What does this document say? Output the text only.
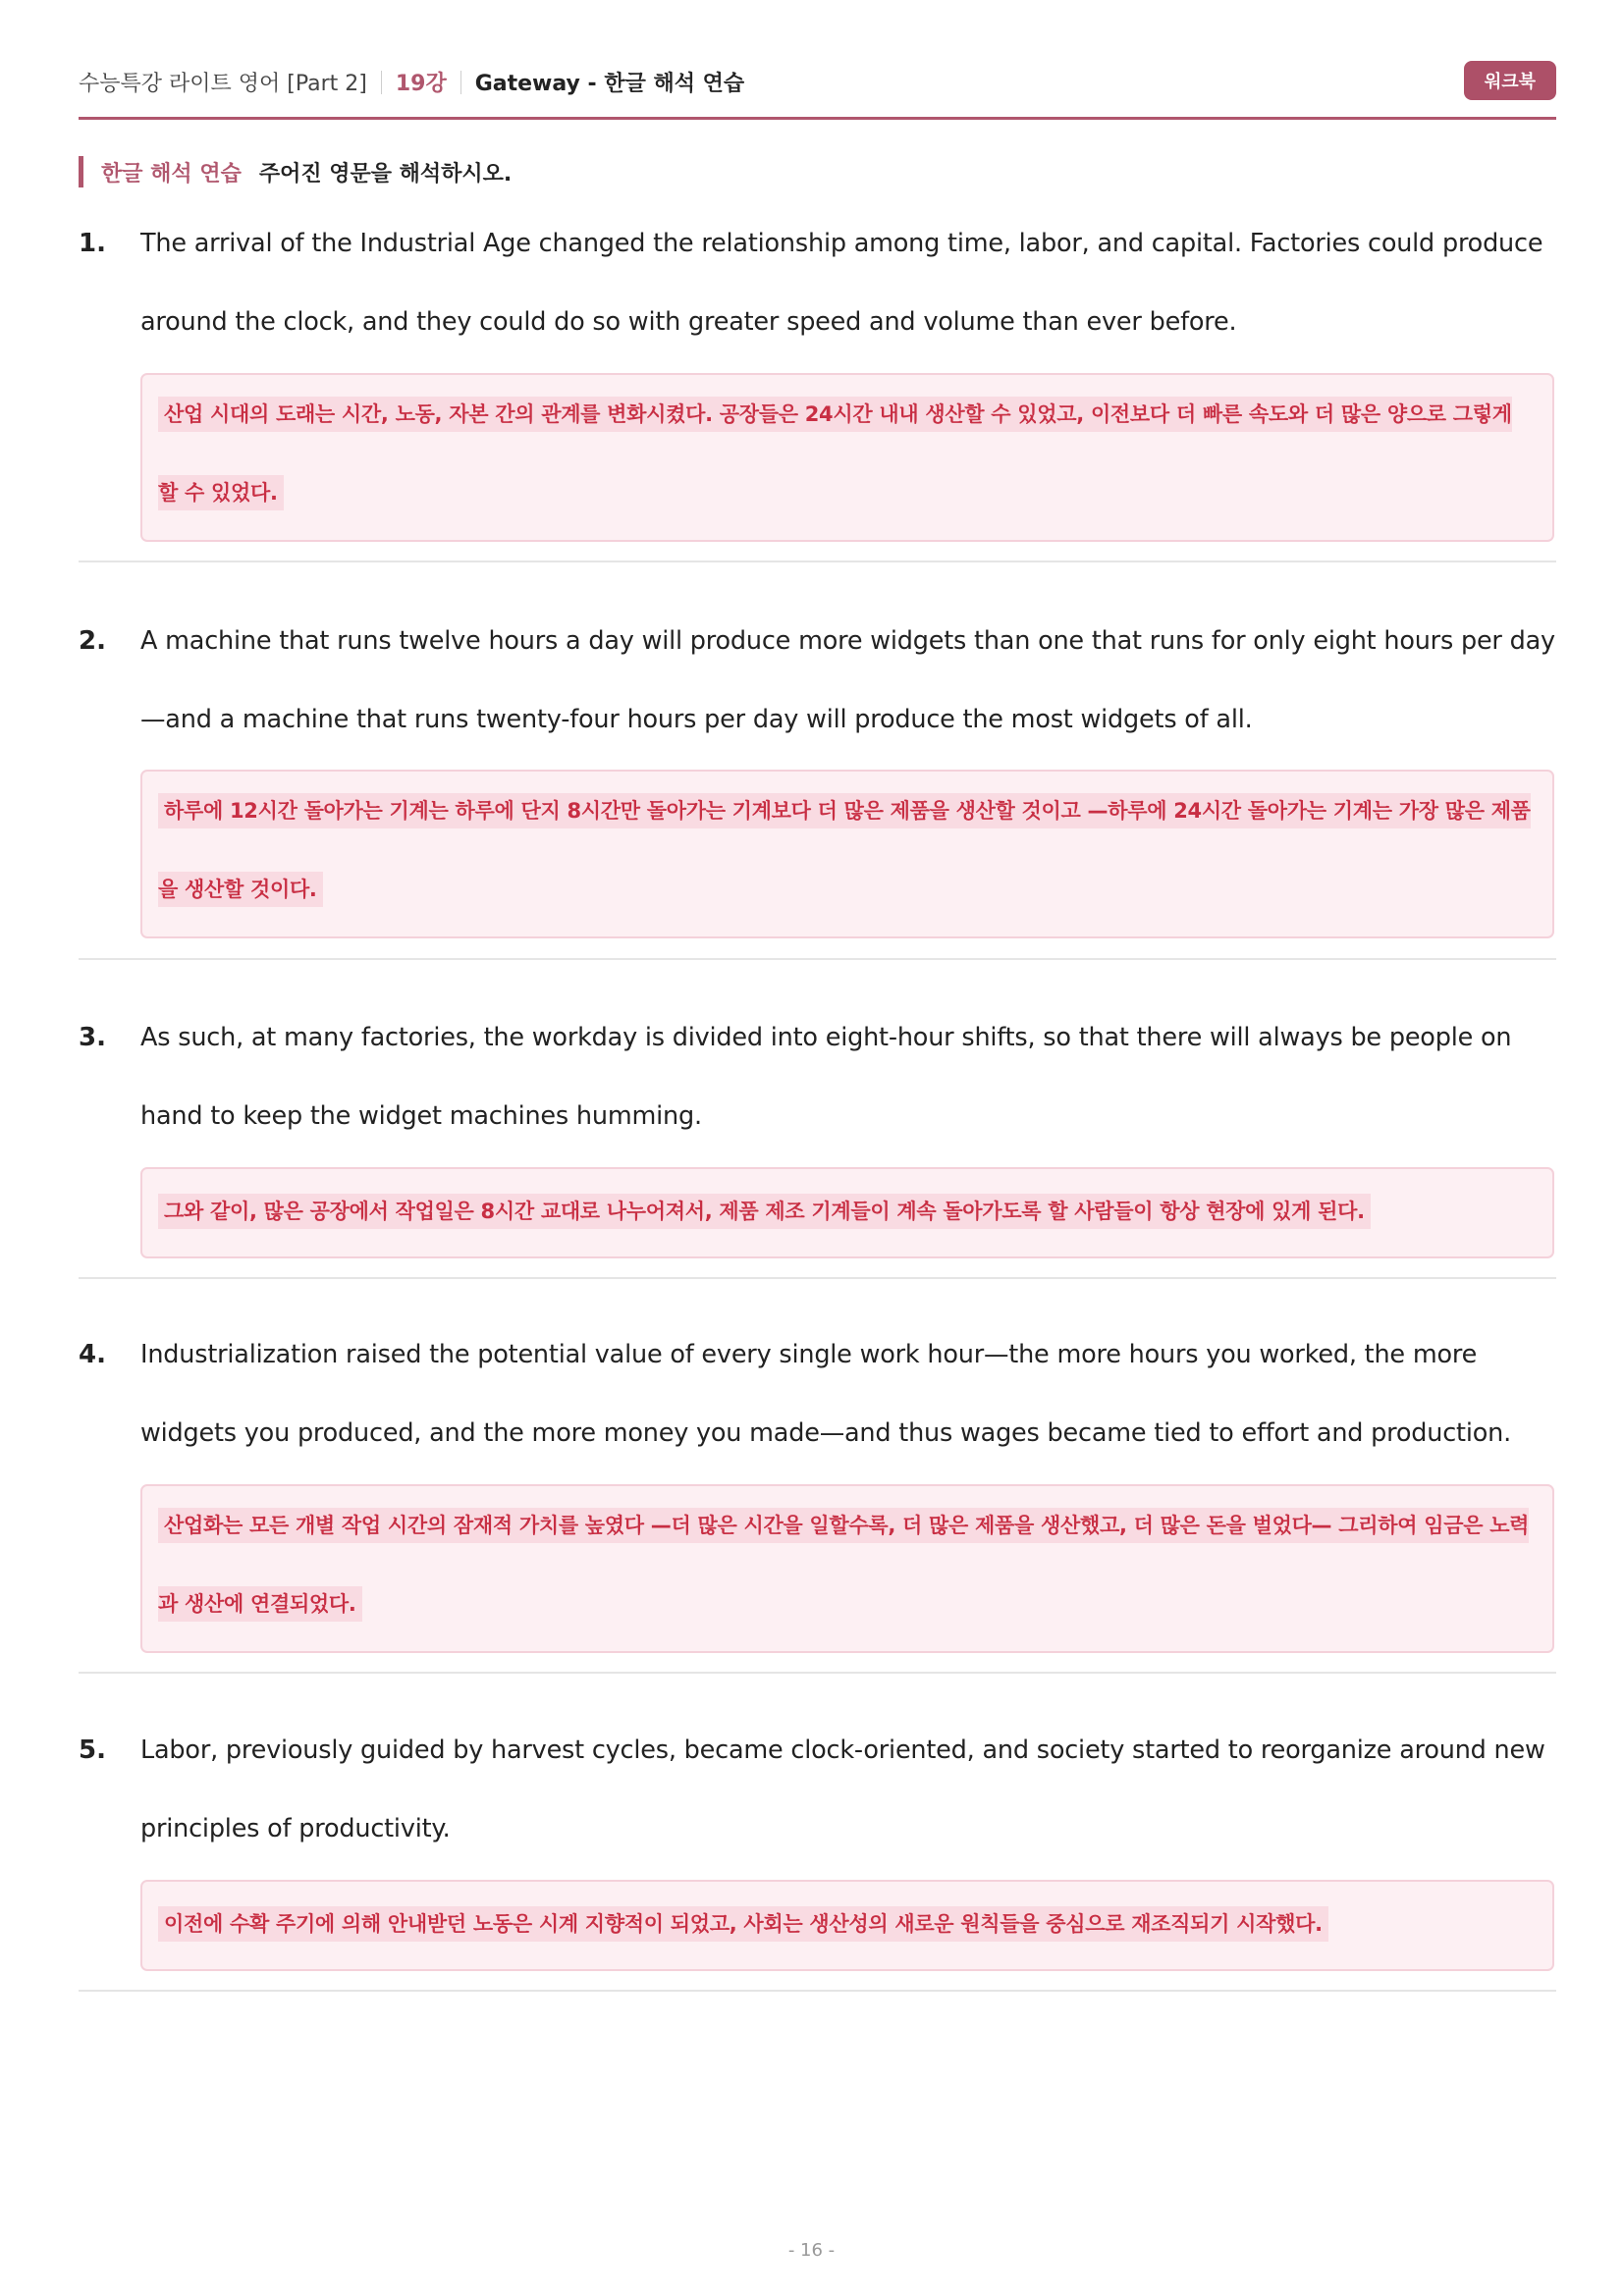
수능특강 라이트 영어 [Part 2] 19강 Gateway - 한글 해석 연습	워크북
한글 해석 연습 주어진 영문을 해석하시오.
1. The arrival of the Industrial Age changed the relationship among time, labor, and capital. Factories could produce around the clock, and they could do so with greater speed and volume than ever before.
산업 시대의 도래는 시간, 노동, 자본 간의 관계를 변화시켰다. 공장들은 24시간 내내 생산할 수 있었고, 이전보다 더 빠른 속도와 더 많은 양으로 그렇게 할 수 있었다.
2. A machine that runs twelve hours a day will produce more widgets than one that runs for only eight hours per day—and a machine that runs twenty-four hours per day will produce the most widgets of all.
하루에 12시간 돌아가는 기계는 하루에 단지 8시간만 돌아가는 기계보다 더 많은 제품을 생산할 것이고 —하루에 24시간 돌아가는 기계는 가장 많은 제품을 생산할 것이다.
3. As such, at many factories, the workday is divided into eight-hour shifts, so that there will always be people on hand to keep the widget machines humming.
그와 같이, 많은 공장에서 작업일은 8시간 교대로 나누어져서, 제품 제조 기계들이 계속 돌아가도록 할 사람들이 항상 현장에 있게 된다.
4. Industrialization raised the potential value of every single work hour—the more hours you worked, the more widgets you produced, and the more money you made—and thus wages became tied to effort and production.
산업화는 모든 개별 작업 시간의 잠재적 가치를 높였다 —더 많은 시간을 일할수록, 더 많은 제품을 생산했고, 더 많은 돈을 벌었다— 그리하여 임금은 노력과 생산에 연결되었다.
5. Labor, previously guided by harvest cycles, became clock-oriented, and society started to reorganize around new principles of productivity.
이전에 수확 주기에 의해 안내받던 노동은 시계 지향적이 되었고, 사회는 생산성의 새로운 원칙들을 중심으로 재조직되기 시작했다.
- 16 -
